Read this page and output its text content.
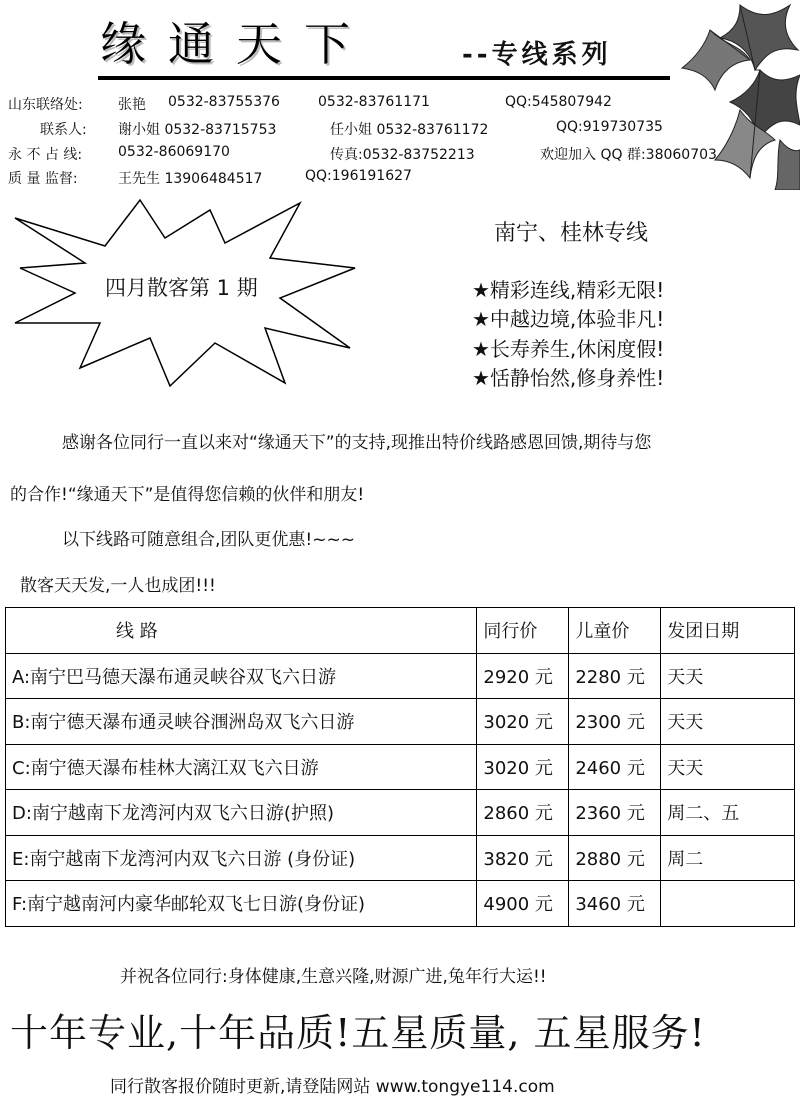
缘通天下	--专线系列
山东联络处:	张艳 0532-83755376	0532-83761171	QQ:545807942
联系人: 谢小姐 0532-83715753	任小姐 0532-83761172	QQ:919730735
永 不 占 线:	0532-86069170	传真:0532-83752213	欢迎加入 QQ 群:38060703
质 量 监督:	王先生 13906484517	QQ:196191627
四月散客第 1 期
南宁、桂林专线
★精彩连线,精彩无限!
★中越边境,体验非凡!
★长寿养生,休闲度假!
★恬静怡然,修身养性!
感谢各位同行一直以来对“缘通天下”的支持,现推出特价线路感恩回馈,期待与您
的合作!“缘通天下”是值得您信赖的伙伴和朋友!
以下线路可随意组合,团队更优惠!~~~
散客天天发,一人也成团!!!
线 路	同行价	儿童价	发团日期
A:南宁巴马德天瀑布通灵峡谷双飞六日游	2920 元	2280 元	天天
B:南宁德天瀑布通灵峡谷涠洲岛双飞六日游	3020 元	2300 元	天天
C:南宁德天瀑布桂林大漓江双飞六日游	3020 元	2460 元	天天
D:南宁越南下龙湾河内双飞六日游(护照)	2860 元	2360 元	周二、五
E:南宁越南下龙湾河内双飞六日游 (身份证)	3820 元	2880 元	周二
F:南宁越南河内豪华邮轮双飞七日游(身份证)	4900 元	3460 元	
并祝各位同行:身体健康,生意兴隆,财源广进,兔年行大运!!
十年专业,十年品质!五星质量, 五星服务!
同行散客报价随时更新,请登陆网站 www.tongye114.com
